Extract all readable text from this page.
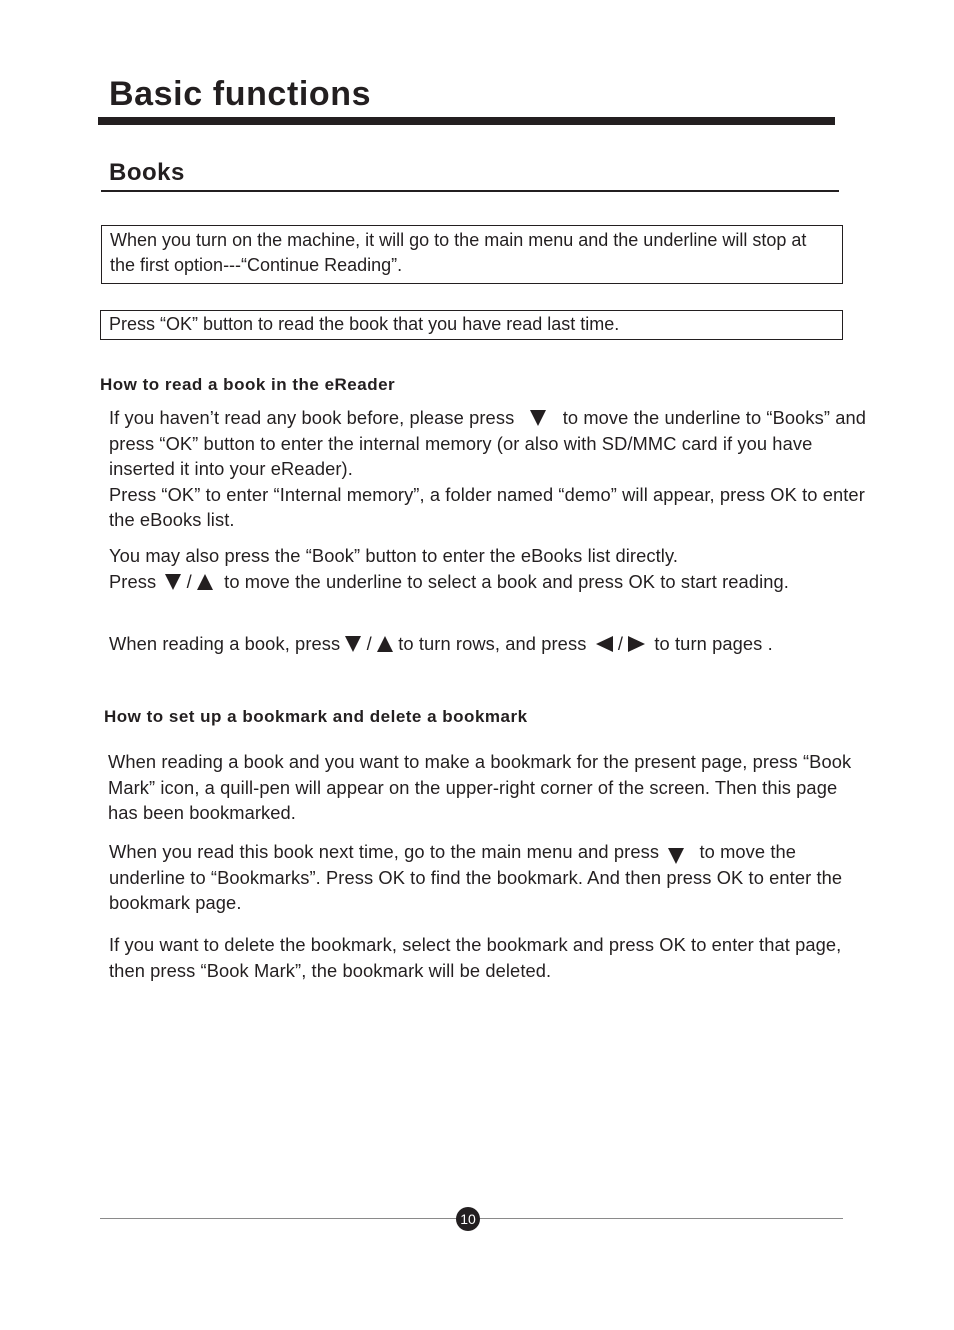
Basic functions
Books
When you turn on the machine, it will go to the main menu and the underline will stop at the first option---“Continue Reading”.
Press “OK” button to read the book that you have read last time.
How to read a book in the eReader
If you haven’t read any book before, please press	to move the underline to “Books” and press “OK” button to enter the internal memory (or also with SD/MMC card if you have inserted it into your eReader).
Press “OK” to enter “Internal memory”, a folder named “demo” will appear, press OK to enter the eBooks list.
You may also press the “Book” button to enter the eBooks list directly.
Press / to move the underline to select a book and press OK to start reading.
When reading a book, press / to turn rows, and press / to turn pages .
How to set up a bookmark and delete a bookmark

When reading a book and you want to make a bookmark for the present page, press “Book Mark” icon, a quill-pen will appear on the upper-right corner of the screen. Then this page has been bookmarked.

When you read this book next time, go to the main menu and press to move the underline to “Bookmarks”. Press OK to find the bookmark. And then press OK to enter the bookmark page.

If you want to delete the bookmark, select the bookmark and press OK to enter that page, then press “Book Mark”, the bookmark will be deleted.

10
